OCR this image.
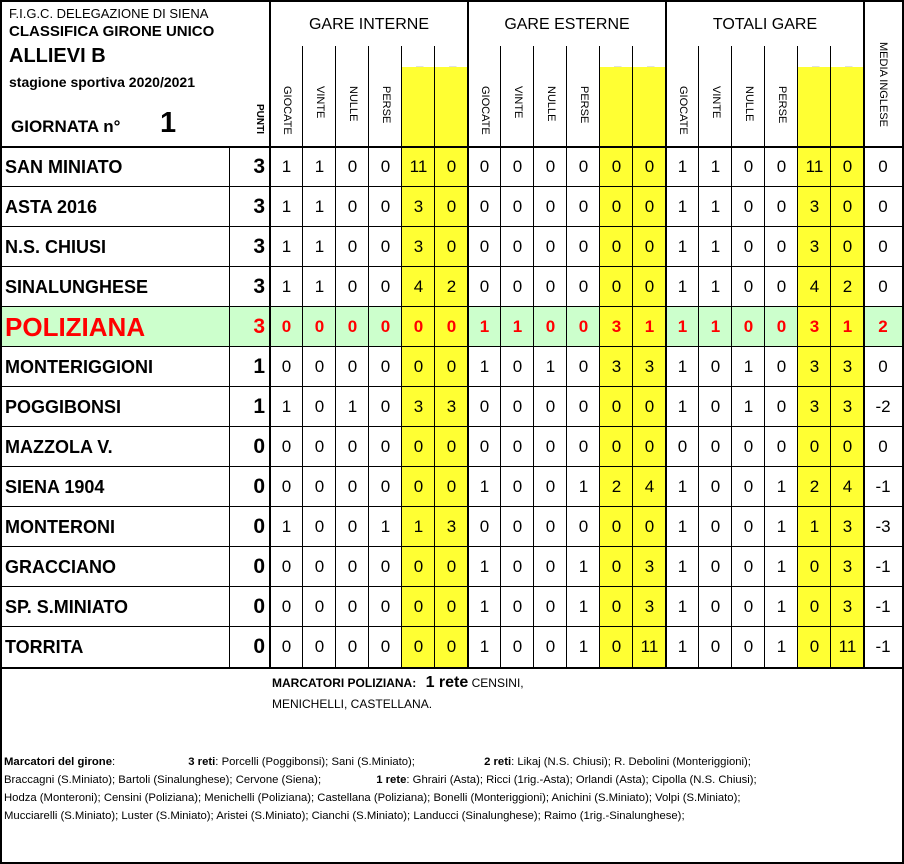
F.I.G.C. DELEGAZIONE DI SIENA
CLASSIFICA GIRONE UNICO
ALLIEVI B
stagione sportiva 2020/2021
GIORNATA n° 1	PUNTI
GARE INTERNE	GARE ESTERNE	TOTALI GARE
GIOCATE VINTE NULLE PERSE	GIOCATE VINTE NULLE PERSE	GIOCATE VINTE NULLE PERSE	MEDIA INGLESE
SAN MINIATO	3 1	1	0	0	11	0	0	0	0	0	0	0	1	1	0	0	11	0	0
ASTA 2016	3 1	1	0	0	3	0	0	0	0	0	0	0	1	1	0	0	3	0	0
N.S. CHIUSI	3 1	1	0	0	3	0	0	0	0	0	0	0	1	1	0	0	3	0	0
SINALUNGHESE	3 1	1	0	0	4	2	0	0	0	0	0	0	1	1	0	0	4	2	0
POLIZIANA	3 0	0	0	0	0	0	1	1	0	0	3	1	1	1	0	0	3	1	2
MONTERIGGIONI	1 0	0	0	0	0	0	1	0	1	0	3	3	1	0	1	0	3	3	0
POGGIBONSI	1 1	0	1	0	3	3	0	0	0	0	0	0	1	0	1	0	3	3	-2
MAZZOLA V.	0 0	0	0	0	0	0	0	0	0	0	0	0	0	0	0	0	0	0	0
SIENA 1904	0 0	0	0	0	0	0	1	0	0	1	2	4	1	0	0	1	2	4	-1
MONTERONI	0 1	0	0	1	1	3	0	0	0	0	0	0	1	0	0	1	1	3	-3
GRACCIANO	0 0	0	0	0	0	0	1	0	0	1	0	3	1	0	0	1	0	3	-1
SP. S.MINIATO	0 0	0	0	0	0	0	1	0	0	1	0	3	1	0	0	1	0	3	-1
TORRITA	0 0	0	0	0	0	0	1	0	0	1	0	11	1	0	0	1	0	11	-1
MARCATORI POLIZIANA: 1 rete CENSINI,
MENICHELLI, CASTELLANA.
Marcatori del girone:	3 reti: Porcelli (Poggibonsi); Sani (S.Miniato);	2 reti: Likaj (N.S. Chiusi); R. Debolini (Monteriggioni);
Braccagni (S.Miniato); Bartoli (Sinalunghese); Cervone (Siena);	1 rete: Ghrairi (Asta); Ricci (1rig.-Asta); Orlandi (Asta); Cipolla (N.S. Chiusi);
Hodza (Monteroni); Censini (Poliziana); Menichelli (Poliziana); Castellana (Poliziana); Bonelli (Monteriggioni); Anichini (S.Miniato); Volpi (S.Miniato);
Mucciarelli (S.Miniato); Luster (S.Miniato); Aristei (S.Miniato); Cianchi (S.Miniato); Landucci (Sinalunghese); Raimo (1rig.-Sinalunghese);
